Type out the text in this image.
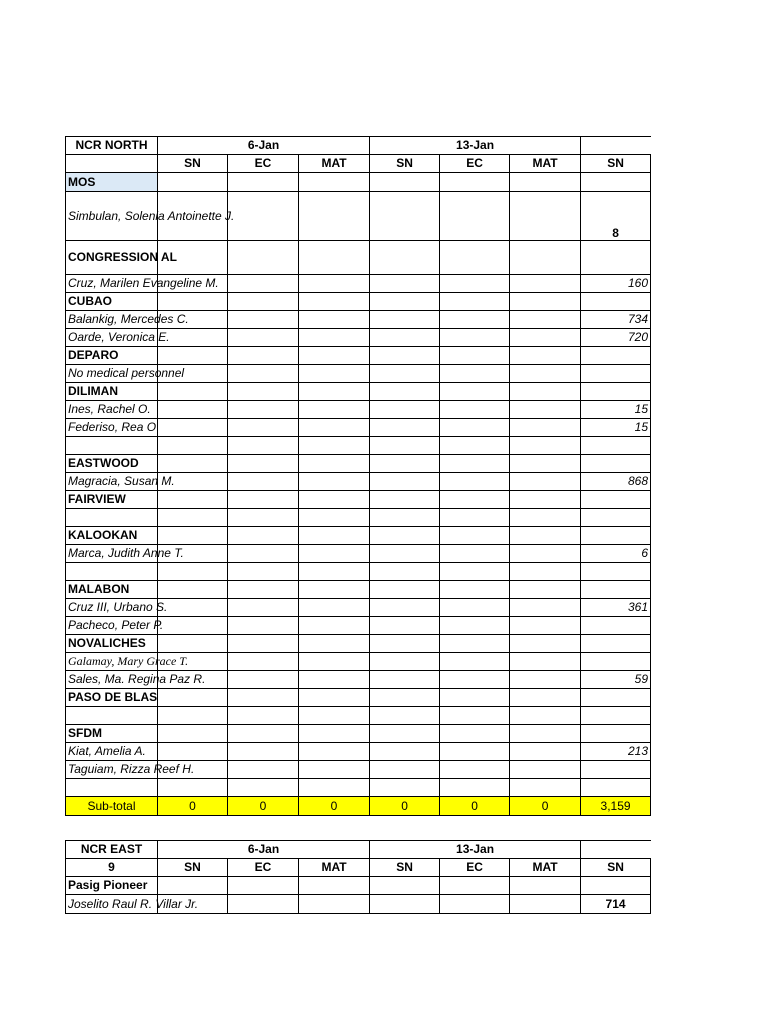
NCR NORTH	6-Jan			13-Jan			
	SN	EC	MAT	SN	EC	MAT	SN
MOS							
Simbulan, Solenia Antoinette J.							8
CONGRESSION AL							
Cruz, Marilen Evangeline M.							160
CUBAO							
Balankig, Mercedes C.							734
Oarde, Veronica E.							720
DEPARO							
No medical personnel							
DILIMAN							
Ines, Rachel O.							15
Federiso, Rea O							15

EASTWOOD							
Magracia, Susan M.							868
FAIRVIEW							

KALOOKAN							
Marca, Judith Anne T.							6

MALABON							
Cruz III, Urbano S.							361
Pacheco, Peter P.							
NOVALICHES							
Galamay, Mary Grace T.							
Sales, Ma. Regina Paz R.							59
PASO DE BLAS							

SFDM							
Kiat, Amelia A.							213
Taguiam, Rizza Reef H.							

Sub-total	0	0	0	0	0	0	3,159
NCR EAST	6-Jan			13-Jan			
9	SN	EC	MAT	SN	EC	MAT	SN
Pasig Pioneer							
Joselito Raul R. Villar Jr.							714
